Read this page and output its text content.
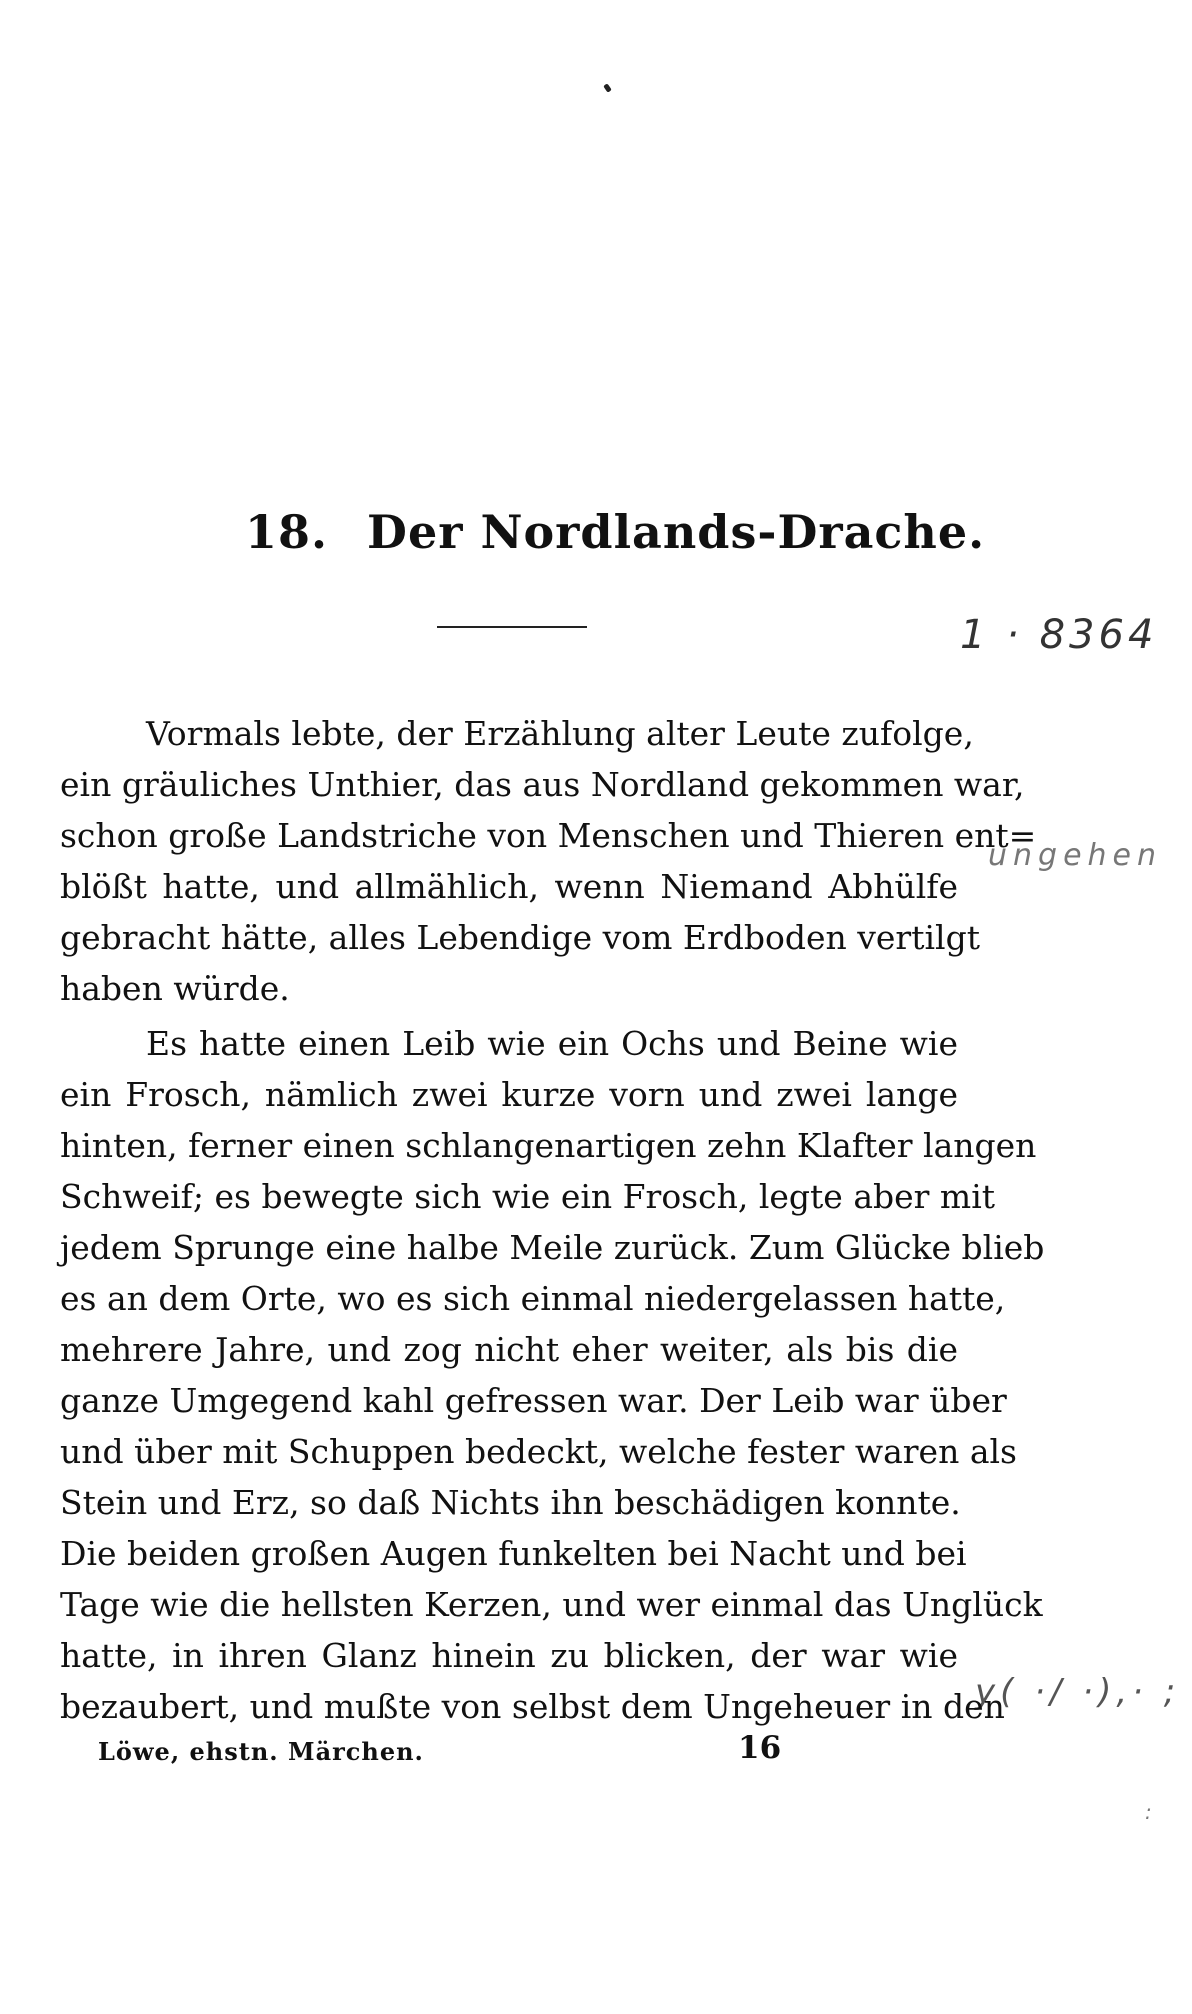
18. Der Nordlands-Drache.
1 · 8364
ungehen
y( ·/ ·),· ;
:
Vormals lebte, der Erzählung alter Leute zufolge,
ein gräuliches Unthier, das aus Nordland gekommen war,
schon große Landstriche von Menschen und Thieren ent=
blößt hatte, und allmählich, wenn Niemand Abhülfe
gebracht hätte, alles Lebendige vom Erdboden vertilgt
haben würde.
Es hatte einen Leib wie ein Ochs und Beine wie
ein Frosch, nämlich zwei kurze vorn und zwei lange
hinten, ferner einen schlangenartigen zehn Klafter langen
Schweif; es bewegte sich wie ein Frosch, legte aber mit
jedem Sprunge eine halbe Meile zurück. Zum Glücke blieb
es an dem Orte, wo es sich einmal niedergelassen hatte,
mehrere Jahre, und zog nicht eher weiter, als bis die
ganze Umgegend kahl gefressen war. Der Leib war über
und über mit Schuppen bedeckt, welche fester waren als
Stein und Erz, so daß Nichts ihn beschädigen konnte.
Die beiden großen Augen funkelten bei Nacht und bei
Tage wie die hellsten Kerzen, und wer einmal das Unglück
hatte, in ihren Glanz hinein zu blicken, der war wie
bezaubert, und mußte von selbst dem Ungeheuer in den
Löwe, ehstn. Märchen.	16
